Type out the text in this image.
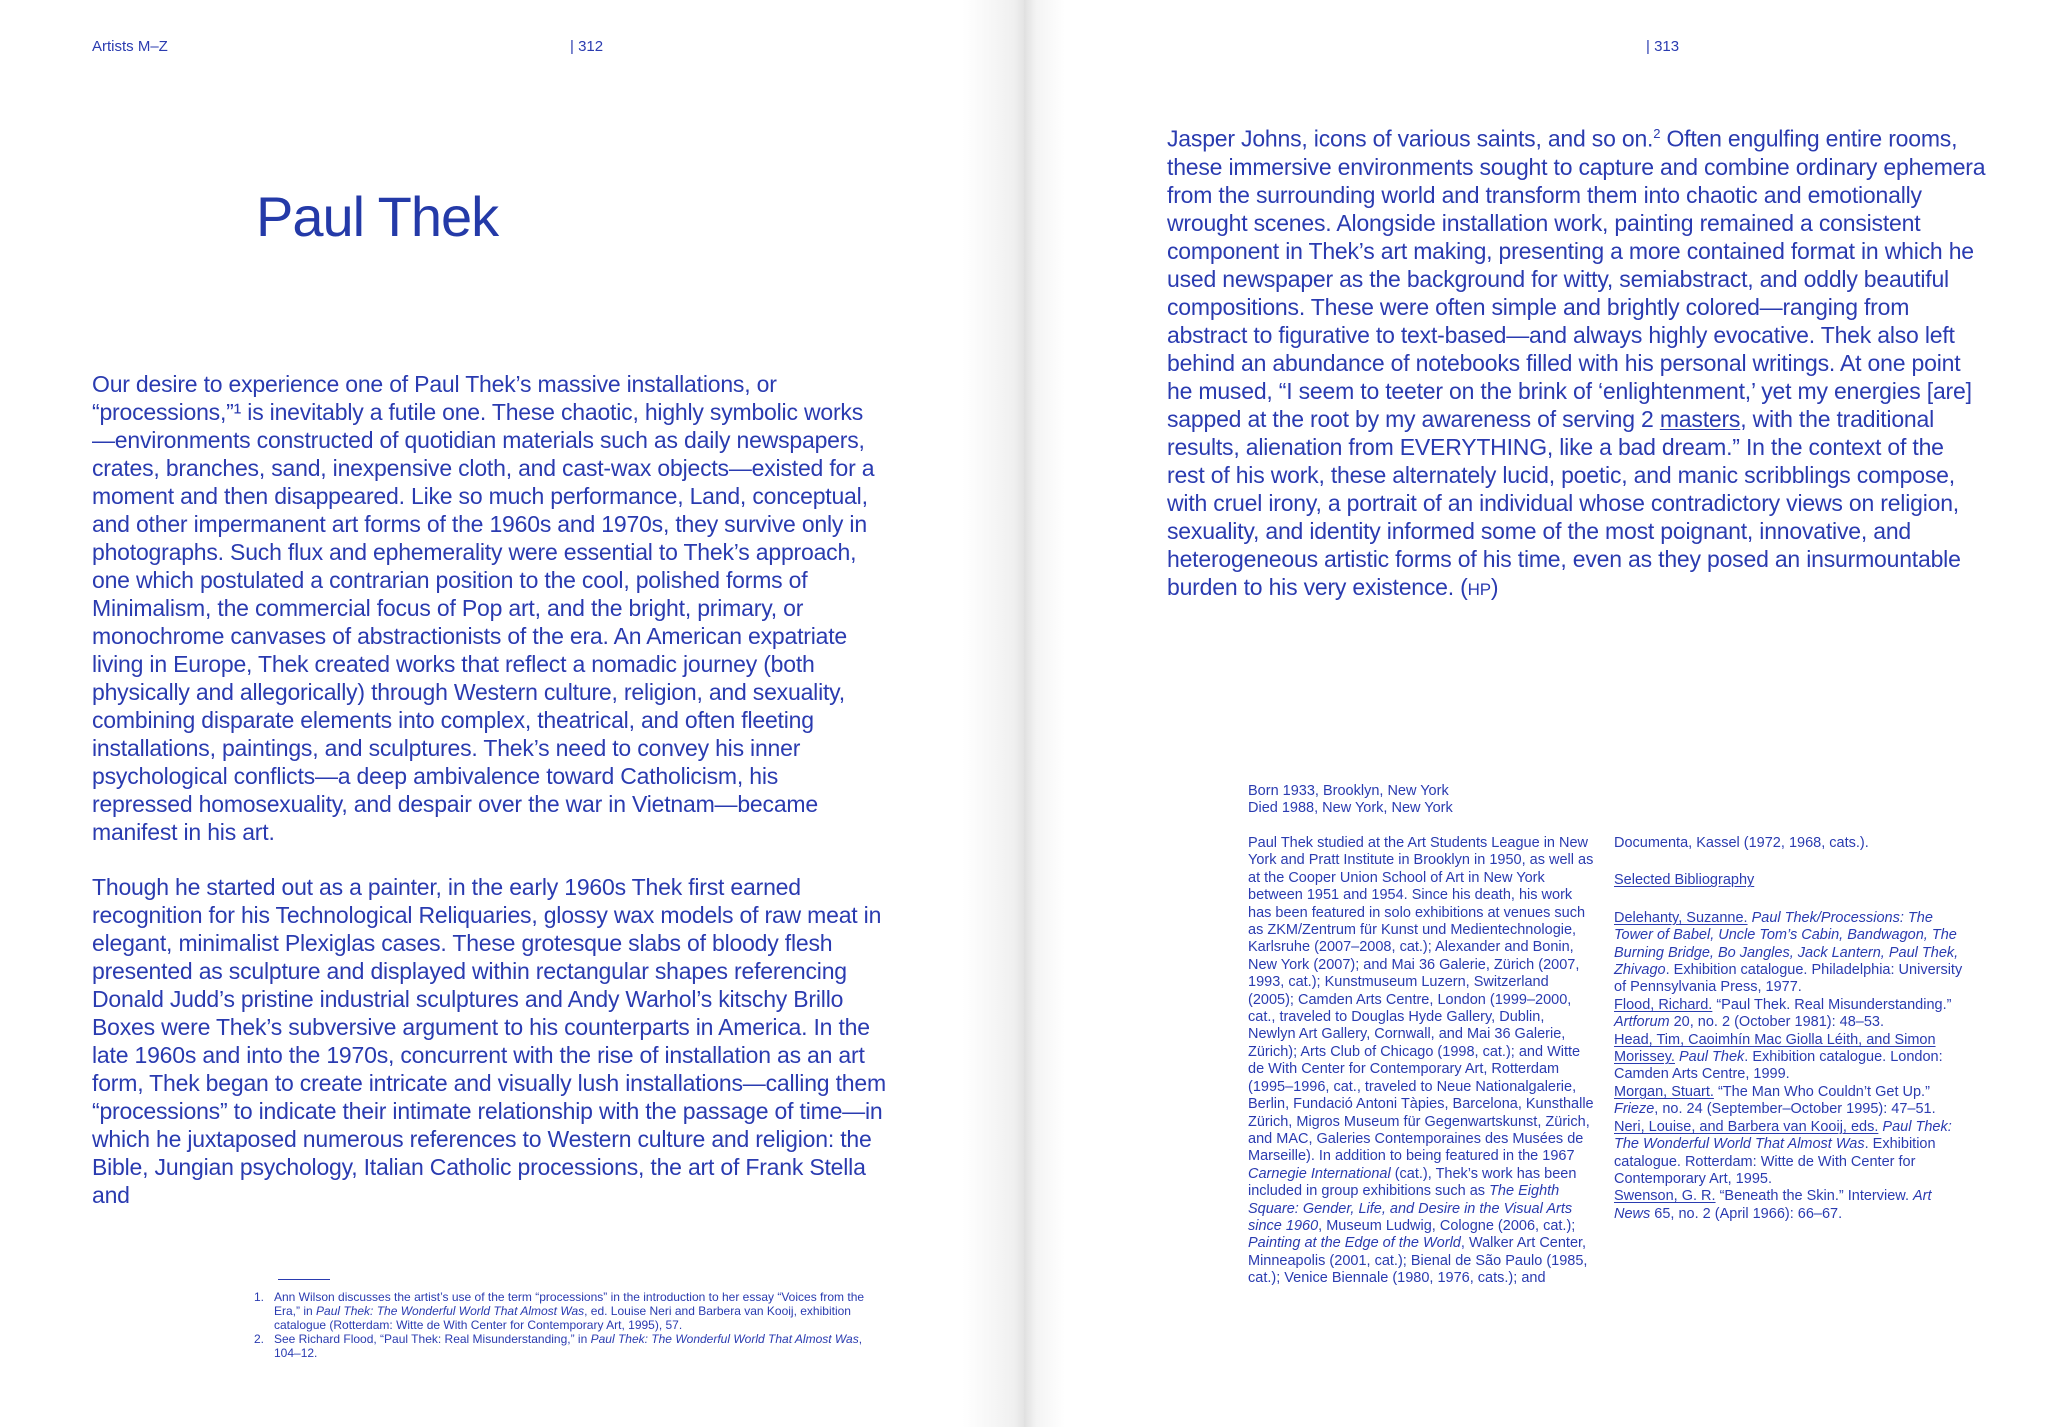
Artists M–Z	| 312
Paul Thek

Our desire to experience one of Paul Thek’s massive installations, or “processions,”¹ is inevitably a futile one. These chaotic, highly symbolic works—environments constructed of quotidian materials such as daily newspapers, crates, branches, sand, inexpensive cloth, and cast-wax objects—existed for a moment and then disappeared. Like so much performance, Land, conceptual, and other impermanent art forms of the 1960s and 1970s, they survive only in photographs. Such flux and ephemerality were essential to Thek’s approach, one which postulated a contrarian position to the cool, polished forms of Minimalism, the commercial focus of Pop art, and the bright, primary, or monochrome canvases of abstractionists of the era. An American expatriate living in Europe, Thek created works that reflect a nomadic journey (both physically and allegorically) through Western culture, religion, and sexuality, combining disparate elements into complex, theatrical, and often fleeting installations, paintings, and sculptures. Thek’s need to convey his inner psychological conflicts—a deep ambivalence toward Catholicism, his repressed homosexuality, and despair over the war in Vietnam—became manifest in his art.

Though he started out as a painter, in the early 1960s Thek first earned recognition for his Technological Reliquaries, glossy wax models of raw meat in elegant, minimalist Plexiglas cases. These grotesque slabs of bloody flesh presented as sculpture and displayed within rectangular shapes referencing Donald Judd’s pristine industrial sculptures and Andy Warhol’s kitschy Brillo Boxes were Thek’s subversive argument to his counterparts in America. In the late 1960s and into the 1970s, concurrent with the rise of installation as an art form, Thek began to create intricate and visually lush installations—calling them “processions” to indicate their intimate relationship with the passage of time—in which he juxtaposed numerous references to Western culture and religion: the Bible, Jungian psychology, Italian Catholic processions, the art of Frank Stella and

1. Ann Wilson discusses the artist’s use of the term “processions” in the introduction to her essay “Voices from the Era,” in Paul Thek: The Wonderful World That Almost Was, ed. Louise Neri and Barbera van Kooij, exhibition catalogue (Rotterdam: Witte de With Center for Contemporary Art, 1995), 57.
2. See Richard Flood, “Paul Thek: Real Misunderstanding,” in Paul Thek: The Wonderful World That Almost Was, 104–12.
| 313

Jasper Johns, icons of various saints, and so on.$^2$ Often engulfing entire rooms, these immersive environments sought to capture and combine ordinary ephemera from the surrounding world and transform them into chaotic and emotionally wrought scenes. Alongside installation work, painting remained a consistent component in Thek’s art making, presenting a more contained format in which he used newspaper as the background for witty, semiabstract, and oddly beautiful compositions. These were often simple and brightly colored—ranging from abstract to figurative to text-based—and always highly evocative. Thek also left behind an abundance of notebooks filled with his personal writings. At one point he mused, “I seem to teeter on the brink of ‘enlightenment,’ yet my energies [are] sapped at the root by my awareness of serving 2 masters, with the traditional results, alienation from EVERYTHING, like a bad dream.” In the context of the rest of his work, these alternately lucid, poetic, and manic scribblings compose, with cruel irony, a portrait of an individual whose contradictory views on religion, sexuality, and identity informed some of the most poignant, innovative, and heterogeneous artistic forms of his time, even as they posed an insurmountable burden to his very existence. (HP)

Born 1933, Brooklyn, New York
Died 1988, New York, New York
Paul Thek studied at the Art Students League in New York and Pratt Institute in Brooklyn in 1950, as well as at the Cooper Union School of Art in New York between 1951 and 1954. Since his death, his work has been featured in solo exhibitions at venues such as ZKM/Zentrum für Kunst und Medientechnologie, Karlsruhe (2007–2008, cat.); Alexander and Bonin, New York (2007); and Mai 36 Galerie, Zürich (2007, 1993, cat.); Kunstmuseum Luzern, Switzerland (2005); Camden Arts Centre, London (1999–2000, cat., traveled to Douglas Hyde Gallery, Dublin, Newlyn Art Gallery, Cornwall, and Mai 36 Galerie, Zürich); Arts Club of Chicago (1998, cat.); and Witte de With Center for Contemporary Art, Rotterdam (1995–1996, cat., traveled to Neue Nationalgalerie, Berlin, Fundació Antoni Tàpies, Barcelona, Kunsthalle Zürich, Migros Museum für Gegenwartskunst, Zürich, and MAC, Galeries Contemporaines des Musées de Marseille). In addition to being featured in the 1967 Carnegie International (cat.), Thek’s work has been included in group exhibitions such as The Eighth Square: Gender, Life, and Desire in the Visual Arts since 1960, Museum Ludwig, Cologne (2006, cat.); Painting at the Edge of the World, Walker Art Center, Minneapolis (2001, cat.); Bienal de São Paulo (1985, cat.); Venice Biennale (1980, 1976, cats.); and
Documenta, Kassel (1972, 1968, cats.).
Selected Bibliography

Delehanty, Suzanne. Paul Thek/Processions: The Tower of Babel, Uncle Tom’s Cabin, Bandwagon, The Burning Bridge, Bo Jangles, Jack Lantern, Paul Thek, Zhivago. Exhibition catalogue. Philadelphia: University of Pennsylvania Press, 1977.

Flood, Richard. “Paul Thek. Real Misunderstanding.” Artforum 20, no. 2 (October 1981): 48–53.

Head, Tim, Caoimhín Mac Giolla Léith, and Simon Morissey. Paul Thek. Exhibition catalogue. London: Camden Arts Centre, 1999.

Morgan, Stuart. “The Man Who Couldn’t Get Up.” Frieze, no. 24 (September–October 1995): 47–51.

Neri, Louise, and Barbera van Kooij, eds. Paul Thek: The Wonderful World That Almost Was. Exhibition catalogue. Rotterdam: Witte de With Center for Contemporary Art, 1995.

Swenson, G. R. “Beneath the Skin.” Interview. Art News 65, no. 2 (April 1966): 66–67.
